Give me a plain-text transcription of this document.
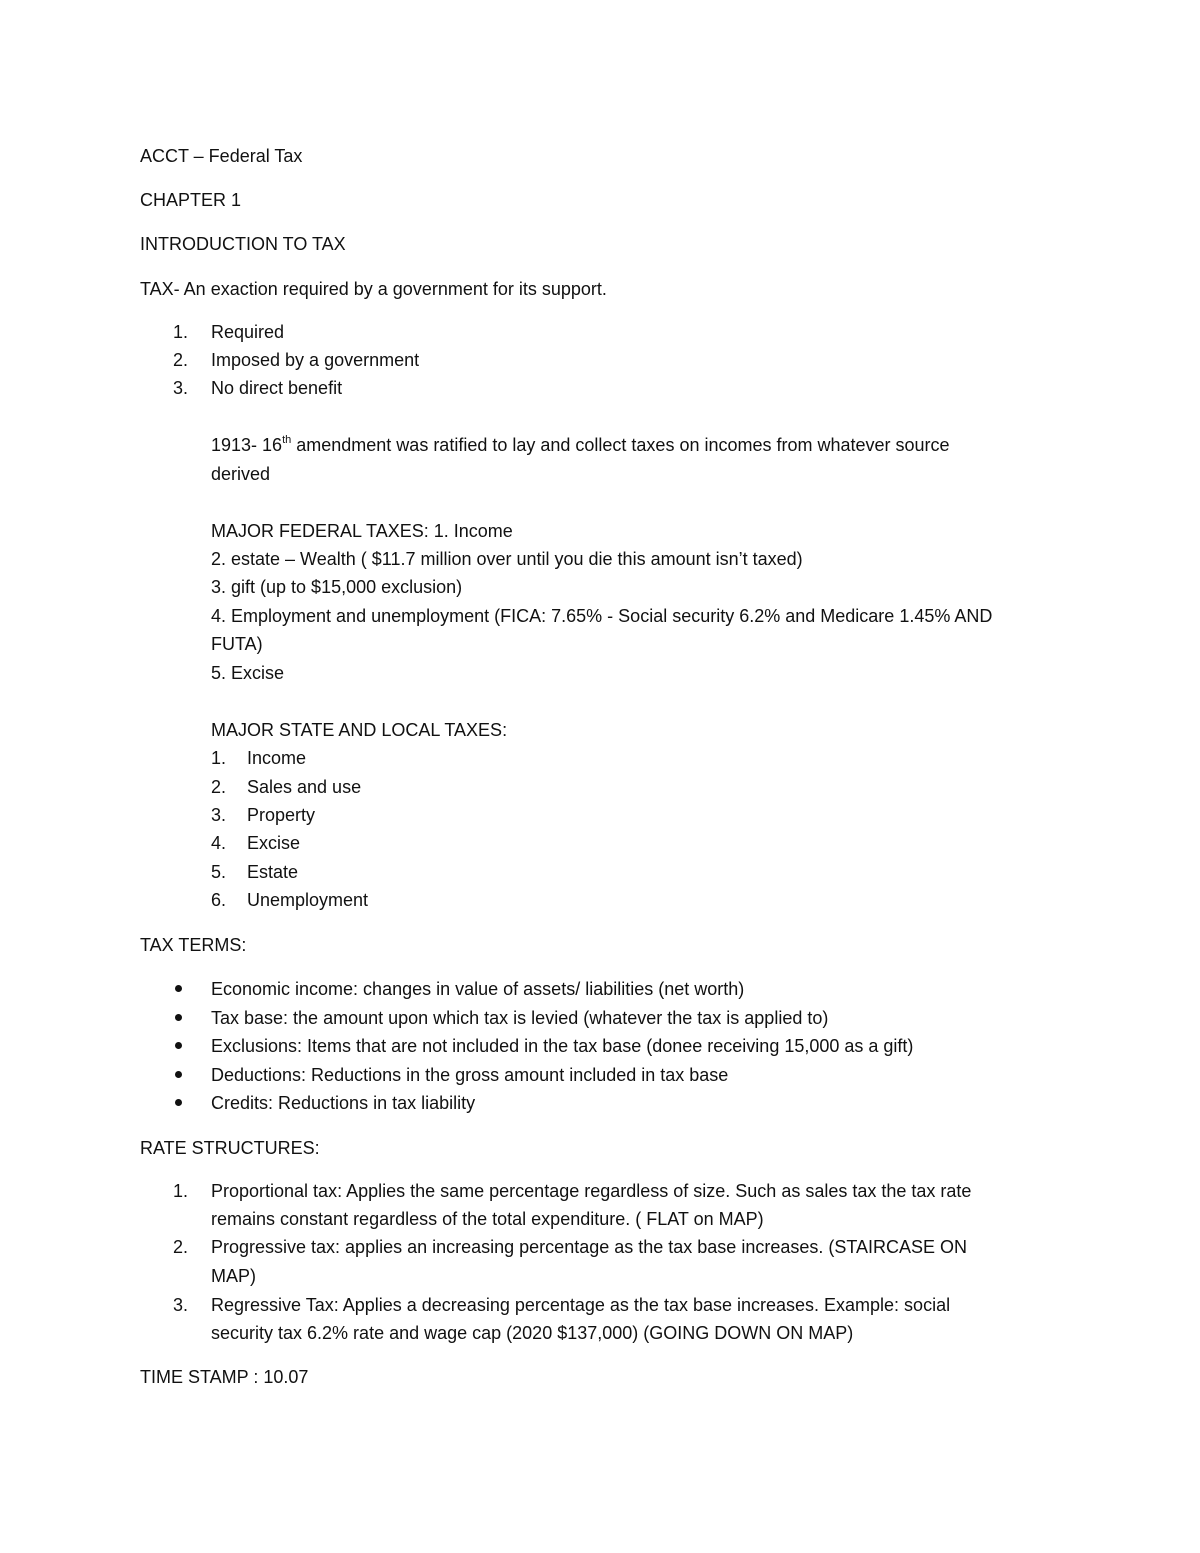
ACCT – Federal Tax
CHAPTER 1
INTRODUCTION TO TAX
TAX- An exaction required by a government for its support.
1. Required
2. Imposed by a government
3. No direct benefit
1913- 16th amendment was ratified to lay and collect taxes on incomes from whatever source
derived
MAJOR FEDERAL TAXES: 1. Income
2. estate – Wealth ( $11.7 million over until you die this amount isn’t taxed)
3. gift (up to $15,000 exclusion)
4. Employment and unemployment (FICA: 7.65% - Social security 6.2% and Medicare 1.45% AND
FUTA)
5. Excise
MAJOR STATE AND LOCAL TAXES:
1. Income
2. Sales and use
3. Property
4. Excise
5. Estate
6. Unemployment
TAX TERMS:
Economic income: changes in value of assets/ liabilities (net worth)
Tax base: the amount upon which tax is levied (whatever the tax is applied to)
Exclusions: Items that are not included in the tax base (donee receiving 15,000 as a gift)
Deductions: Reductions in the gross amount included in tax base
Credits: Reductions in tax liability
RATE STRUCTURES:
1. Proportional tax: Applies the same percentage regardless of size. Such as sales tax the tax rate
remains constant regardless of the total expenditure. ( FLAT on MAP)
2. Progressive tax: applies an increasing percentage as the tax base increases. (STAIRCASE ON
MAP)
3. Regressive Tax: Applies a decreasing percentage as the tax base increases. Example: social
security tax 6.2% rate and wage cap (2020 $137,000) (GOING DOWN ON MAP)
TIME STAMP : 10.07
